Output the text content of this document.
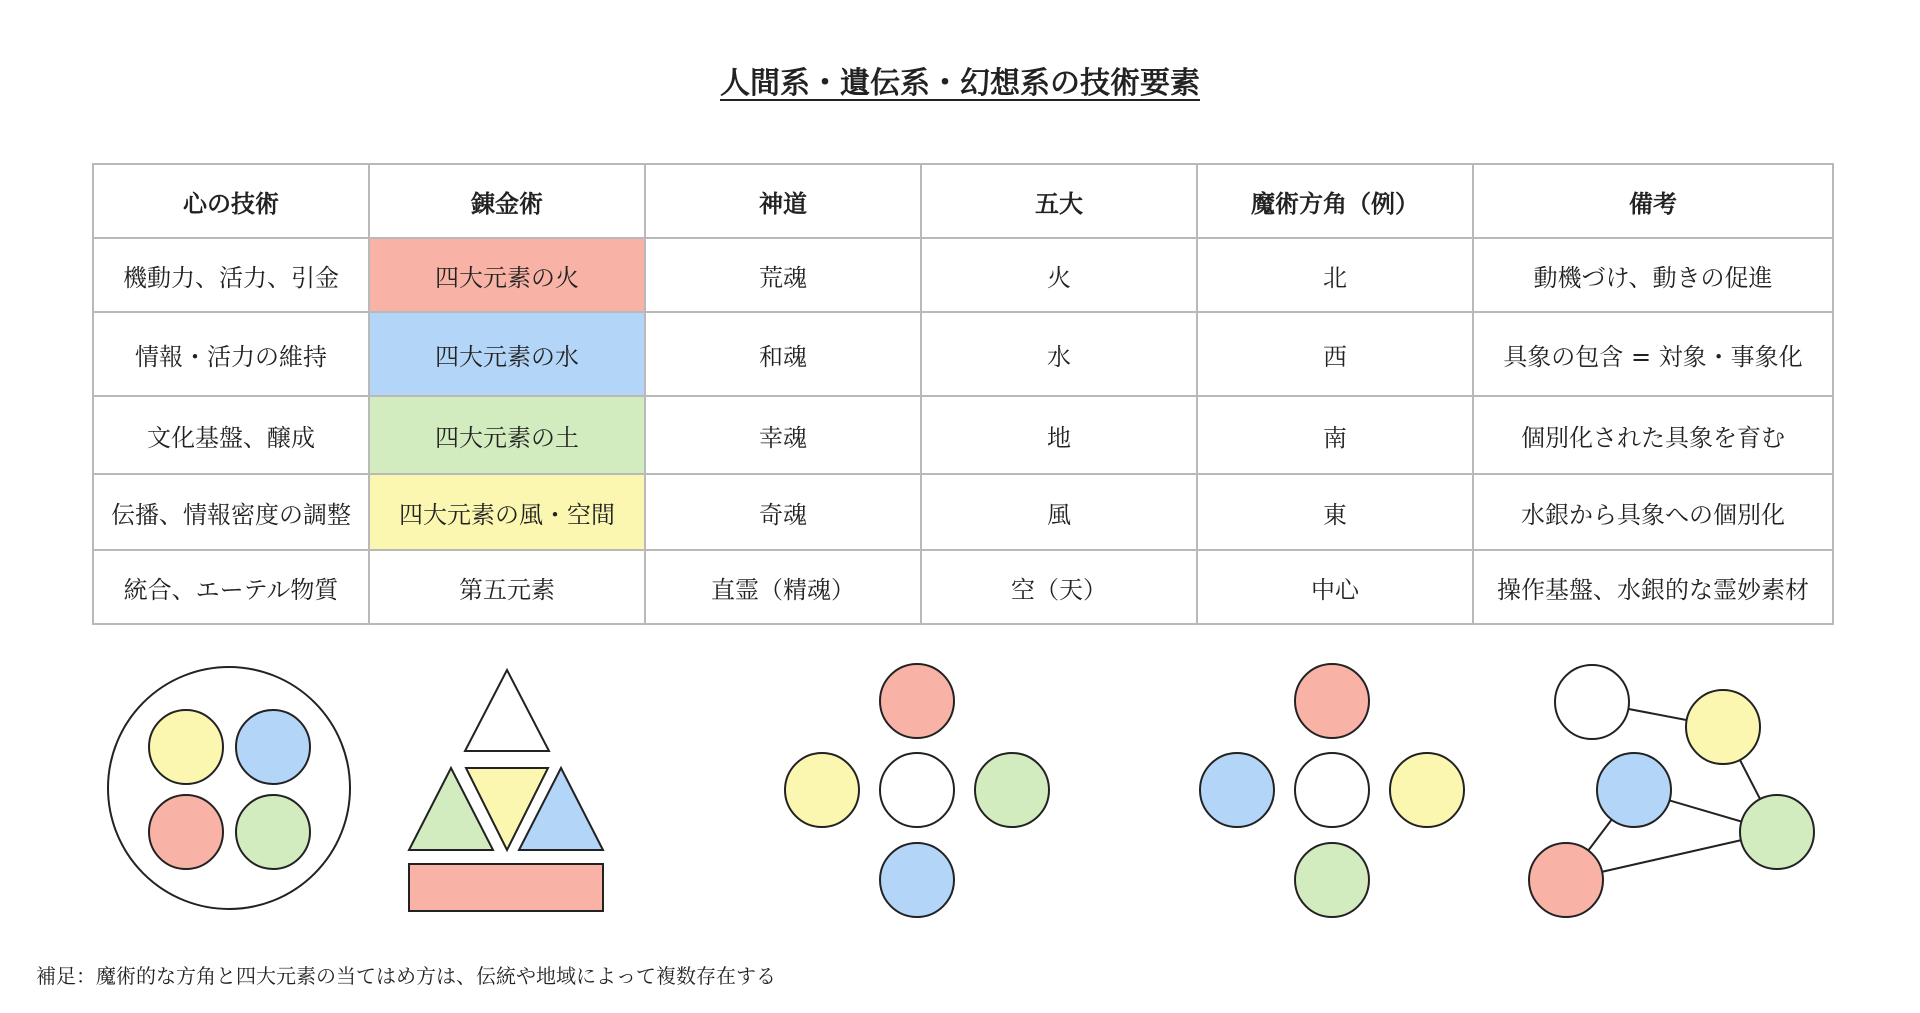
人間系・遺伝系・幻想系の技術要素
心の技術	錬金術	神道	五大	魔術方角（例）	備考
機動力、活力、引金	四大元素の火	荒魂	火	北	動機づけ、動きの促進
情報・活力の維持	四大元素の水	和魂	水	西	具象の包含 = 対象・事象化
文化基盤、醸成	四大元素の土	幸魂	地	南	個別化された具象を育む
伝播、情報密度の調整	四大元素の風・空間	奇魂	風	東	水銀から具象への個別化
統合、エーテル物質	第五元素	直霊（精魂）	空（天）	中心	操作基盤、水銀的な霊妙素材
補足：魔術的な方角と四大元素の当てはめ方は、伝統や地域によって複数存在する
